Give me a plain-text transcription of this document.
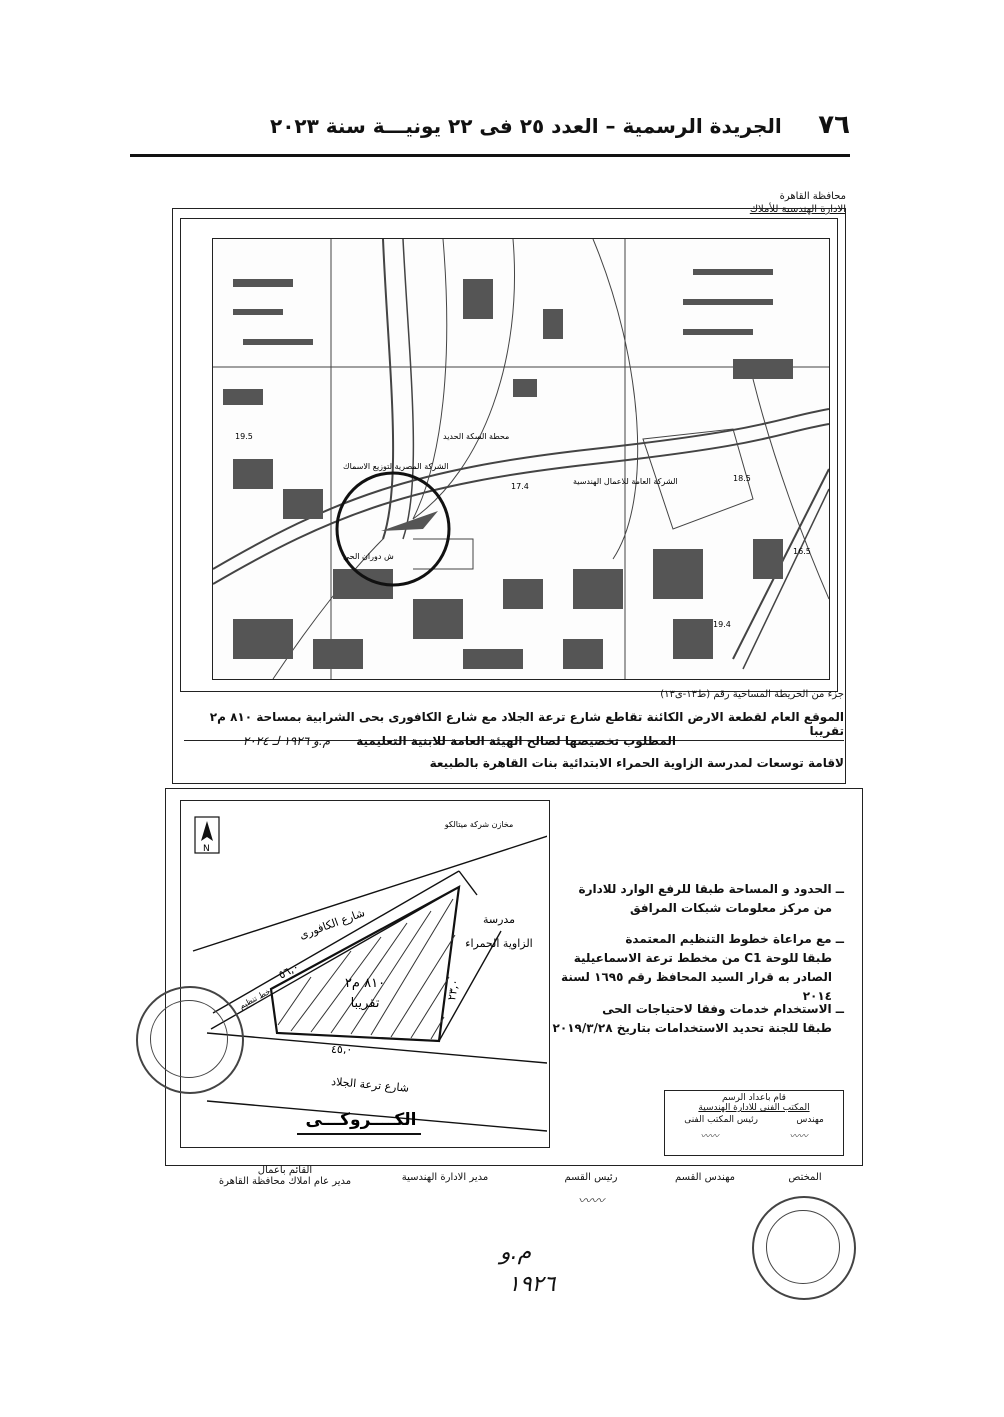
٧٦
الجريدة الرسمية – العدد ٢٥ فى ٢٢ يونيـــة سنة ٢٠٢٣
محافظة القاهرة
الادارة الهندسية للأملاك
الشركة المصرية لتوزيع الاسماك
ش دوران الحي
الشركة العامة للاعمال الهندسية
محطة السكة الحديد
17.4
19.5
16.5
19.4
18.5
جزء من الخريطة المساحية رقم (ط١٣-ى١٣)
الموقع العام لقطعة الارض الكائنة تقاطع شارع ترعة الجلاد مع شارع الكافورى بحى الشرابية بمساحة ٨١٠ م٢ تقريبا
المطلوب تخصيصها لصالح الهيئة العامة للابنية التعليمية
م.و ١٩٢٦ لـ ٢٠٢٤
لاقامة توسعات لمدرسة الزاوية الحمراء الابتدائية بنات القاهرة بالطبيعة
N
مخازن شركة ميتالكو
شارع الكافورى
شارع ترعة الجلاد
مدرسة
الزاوية الحمراء
٨١٠ م٢
تقريبا
٥٦,٠
٤٥,٠
٢٣,٠
خط تنظيم
الكــــروكـــى
ــ الحدود و المساحة طبقا للرفع الوارد للادارة
من مركز معلومات شبكات المرافق
ــ مع مراعاة خطوط التنظيم المعتمدة
طبقا للوحة C1 من مخطط ترعة الاسماعيلية
الصادر به قرار السيد المحافظ رقم ١٦٩٥ لسنة ٢٠١٤
ــ الاستخدام خدمات وفقا لاحتياجات الحى
طبقا للجنة تحديد الاستخدامات بتاريخ ٢٠١٩/٣/٢٨
قام باعداد الرسم
المكتب الفنى للادارة الهندسية
مهندس
رئيس المكتب الفنى
〰〰	〰〰
المختص
مهندس القسم
رئيس القسم
〰〰
مدير الادارة الهندسية
القائم باعمال
مدير عام املاك محافظة القاهرة
م.و
١٩٢٦
